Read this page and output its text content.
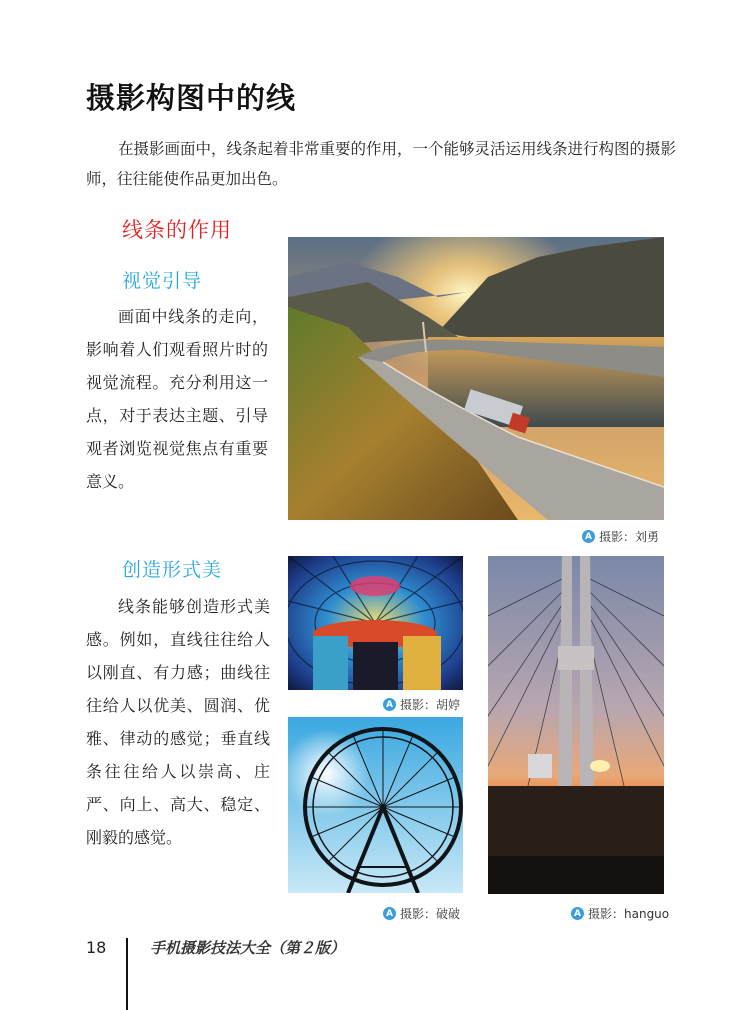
摄影构图中的线
在摄影画面中，线条起着非常重要的作用，一个能够灵活运用线条进行构图的摄影师，往往能使作品更加出色。
线条的作用
视觉引导
画面中线条的走向，影响着人们观看照片时的视觉流程。充分利用这一点，对于表达主题、引导观者浏览视觉焦点有重要意义。
A 摄影：刘勇
创造形式美
线条能够创造形式美感。例如，直线往往给人以刚直、有力感；曲线往往给人以优美、圆润、优雅、律动的感觉；垂直线条往往给人以崇高、庄严、向上、高大、稳定、刚毅的感觉。
A 摄影：胡婷
A 摄影：破破	A 摄影：hanguo
18	手机摄影技法大全（第２版）
